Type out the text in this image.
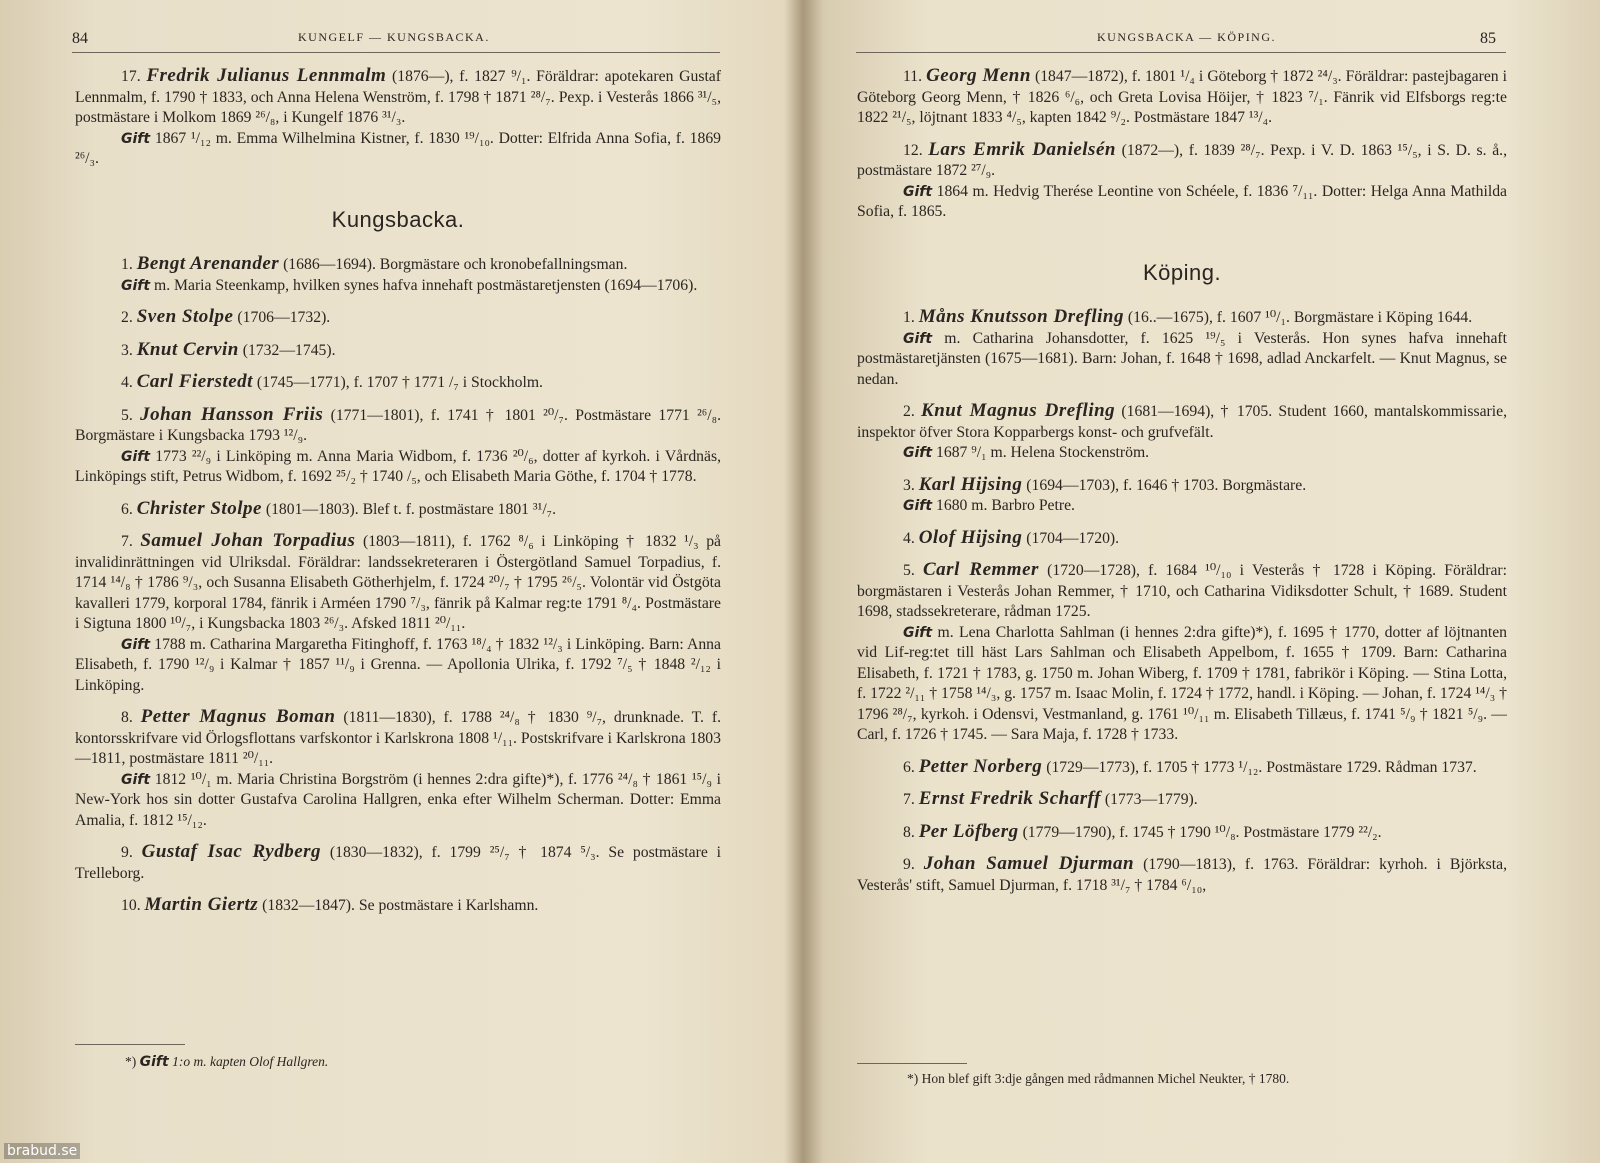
84	KUNGELF — KUNGSBACKA.

17. Fredrik Julianus Lennmalm (1876—), f. 1827 ⁹/₁. Föräldrar: apotekaren Gustaf Lennmalm, f. 1790 † 1833, och Anna Helena Wenström, f. 1798 † 1871 ²⁸/₇. Pexp. i Vesterås 1866 ³¹/₅, postmästare i Molkom 1869 ²⁶/₈, i Kungelf 1876 ³¹/₃.

Gift 1867 ¹/₁₂ m. Emma Wilhelmina Kistner, f. 1830 ¹⁹/₁₀. Dotter: Elfrida Anna Sofia, f. 1869 ²⁶/₃.
Kungsbacka.

1. Bengt Arenander (1686—1694). Borgmästare och kronobefallningsman.

Gift m. Maria Steenkamp, hvilken synes hafva innehaft postmästaretjensten (1694—1706).

2. Sven Stolpe (1706—1732).

3. Knut Cervin (1732—1745).

4. Carl Fierstedt (1745—1771), f. 1707 † 1771 /₇ i Stockholm.

5. Johan Hansson Friis (1771—1801), f. 1741 † 1801 ²⁰/₇. Postmästare 1771 ²⁶/₈. Borgmästare i Kungsbacka 1793 ¹²/₉.

Gift 1773 ²²/₉ i Linköping m. Anna Maria Widbom, f. 1736 ²⁰/₆, dotter af kyrkoh. i Vårdnäs, Linköpings stift, Petrus Widbom, f. 1692 ²⁵/₂ † 1740 /₅, och Elisabeth Maria Göthe, f. 1704 † 1778.

6. Christer Stolpe (1801—1803). Blef t. f. postmästare 1801 ³¹/₇.

7. Samuel Johan Torpadius (1803—1811), f. 1762 ⁸/₆ i Linköping † 1832 ¹/₃ på invalidinrättningen vid Ulriksdal. Föräldrar: landssekreteraren i Östergötland Samuel Torpadius, f. 1714 ¹⁴/₈ † 1786 ⁹/₃, och Susanna Elisabeth Götherhjelm, f. 1724 ²⁰/₇ † 1795 ²⁶/₅. Volontär vid Östgöta kavalleri 1779, korporal 1784, fänrik i Arméen 1790 ⁷/₃, fänrik på Kalmar reg:te 1791 ⁸/₄. Postmästare i Sigtuna 1800 ¹⁰/₇, i Kungsbacka 1803 ²⁶/₃. Afsked 1811 ²⁰/₁₁.

Gift 1788 m. Catharina Margaretha Fitinghoff, f. 1763 ¹⁸/₄ † 1832 ¹²/₃ i Linköping. Barn: Anna Elisabeth, f. 1790 ¹²/₉ i Kalmar † 1857 ¹¹/₉ i Grenna. — Apollonia Ulrika, f. 1792 ⁷/₅ † 1848 ²/₁₂ i Linköping.

8. Petter Magnus Boman (1811—1830), f. 1788 ²⁴/₈ † 1830 ⁹/₇, drunknade. T. f. kontorsskrifvare vid Örlogsflottans varfskontor i Karlskrona 1808 ¹/₁₁. Postskrifvare i Karlskrona 1803—1811, postmästare 1811 ²⁰/₁₁.

Gift 1812 ¹⁰/₁ m. Maria Christina Borgström (i hennes 2:dra gifte)*), f. 1776 ²⁴/₈ † 1861 ¹⁵/₉ i New-York hos sin dotter Gustafva Carolina Hallgren, enka efter Wilhelm Scherman. Dotter: Emma Amalia, f. 1812 ¹⁵/₁₂.

9. Gustaf Isac Rydberg (1830—1832), f. 1799 ²⁵/₇ † 1874 ⁵/₃. Se postmästare i Trelleborg.

10. Martin Giertz (1832—1847). Se postmästare i Karlshamn.

*) Gift 1:o m. kapten Olof Hallgren.
KUNGSBACKA — KÖPING.	85

11. Georg Menn (1847—1872), f. 1801 ¹/₄ i Göteborg † 1872 ²⁴/₃. Föräldrar: pastejbagaren i Göteborg Georg Menn, † 1826 ⁶/₆, och Greta Lovisa Höijer, † 1823 ⁷/₁. Fänrik vid Elfsborgs reg:te 1822 ²¹/₅, löjtnant 1833 ⁴/₅, kapten 1842 ⁹/₂. Postmästare 1847 ¹³/₄.

12. Lars Emrik Danielsén (1872—), f. 1839 ²⁸/₇. Pexp. i V. D. 1863 ¹⁵/₅, i S. D. s. å., postmästare 1872 ²⁷/₉.

Gift 1864 m. Hedvig Therése Leontine von Schéele, f. 1836 ⁷/₁₁. Dotter: Helga Anna Mathilda Sofia, f. 1865.
Köping.

1. Måns Knutsson Drefling (16..—1675), f. 1607 ¹⁰/₁. Borgmästare i Köping 1644.

Gift m. Catharina Johansdotter, f. 1625 ¹⁹/₅ i Vesterås. Hon synes hafva innehaft postmästaretjänsten (1675—1681). Barn: Johan, f. 1648 † 1698, adlad Anckarfelt. — Knut Magnus, se nedan.

2. Knut Magnus Drefling (1681—1694), † 1705. Student 1660, mantalskommissarie, inspektor öfver Stora Kopparbergs konst- och grufvefält.

Gift 1687 ⁹/₁ m. Helena Stockenström.

3. Karl Hijsing (1694—1703), f. 1646 † 1703. Borgmästare.

Gift 1680 m. Barbro Petre.

4. Olof Hijsing (1704—1720).

5. Carl Remmer (1720—1728), f. 1684 ¹⁰/₁₀ i Vesterås † 1728 i Köping. Föräldrar: borgmästaren i Vesterås Johan Remmer, † 1710, och Catharina Vidiksdotter Schult, † 1689. Student 1698, stadssekreterare, rådman 1725.

Gift m. Lena Charlotta Sahlman (i hennes 2:dra gifte)*), f. 1695 † 1770, dotter af löjtnanten vid Lif-reg:tet till häst Lars Sahlman och Elisabeth Appelbom, f. 1655 † 1709. Barn: Catharina Elisabeth, f. 1721 † 1783, g. 1750 m. Johan Wiberg, f. 1709 † 1781, fabrikör i Köping. — Stina Lotta, f. 1722 ²/₁₁ † 1758 ¹⁴/₃, g. 1757 m. Isaac Molin, f. 1724 † 1772, handl. i Köping. — Johan, f. 1724 ¹⁴/₃ † 1796 ²⁸/₇, kyrkoh. i Odensvi, Vestmanland, g. 1761 ¹⁰/₁₁ m. Elisabeth Tillæus, f. 1741 ⁵/₉ † 1821 ⁵/₉. — Carl, f. 1726 † 1745. — Sara Maja, f. 1728 † 1733.

6. Petter Norberg (1729—1773), f. 1705 † 1773 ¹/₁₂. Postmästare 1729. Rådman 1737.

7. Ernst Fredrik Scharff (1773—1779).

8. Per Löfberg (1779—1790), f. 1745 † 1790 ¹⁰/₈. Postmästare 1779 ²²/₂.

9. Johan Samuel Djurman (1790—1813), f. 1763. Föräldrar: kyrhoh. i Björksta, Vesterås' stift, Samuel Djurman, f. 1718 ³¹/₇ † 1784 ⁶/₁₀,

*) Hon blef gift 3:dje gången med rådmannen Michel Neukter, † 1780.
brabud.se
